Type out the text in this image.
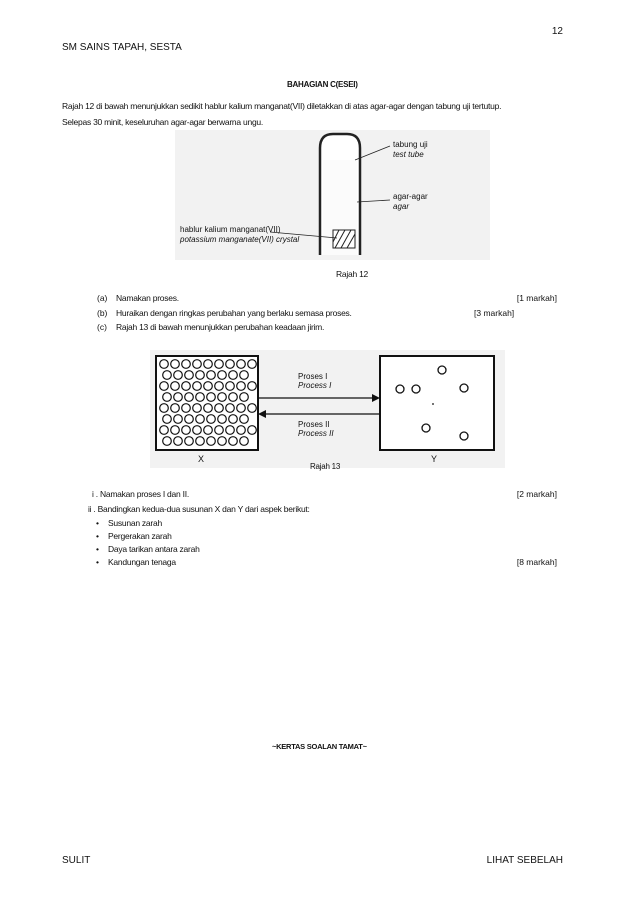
12
SM SAINS TAPAH, SESTA
BAHAGIAN C(ESEI)
Rajah 12 di bawah menunjukkan sedikit hablur kalium manganat(VII) diletakkan di atas agar-agar dengan tabung uji tertutup.
Selepas 30 minit, keseluruhan agar-agar berwarna ungu.
tabung uji
test tube
agar-agar
agar
hablur kalium manganat(VII)
potassium manganate(VII) crystal
Rajah 12
(a) Namakan proses.	[1 markah]
(b) Huraikan dengan ringkas perubahan yang berlaku semasa proses.	[3 markah]
(c) Rajah 13 di bawah menunjukkan perubahan keadaan jirim.
Proses I
Process I
Proses II
Process II
X	Y
Rajah 13
i . Namakan proses I dan II.	[2 markah]
ii . Bandingkan kedua-dua susunan X dan Y dari aspek berikut:
• Susunan zarah
• Pergerakan zarah
• Daya tarikan antara zarah
• Kandungan tenaga	[8 markah]
~KERTAS SOALAN TAMAT~
SULIT	LIHAT SEBELAH
